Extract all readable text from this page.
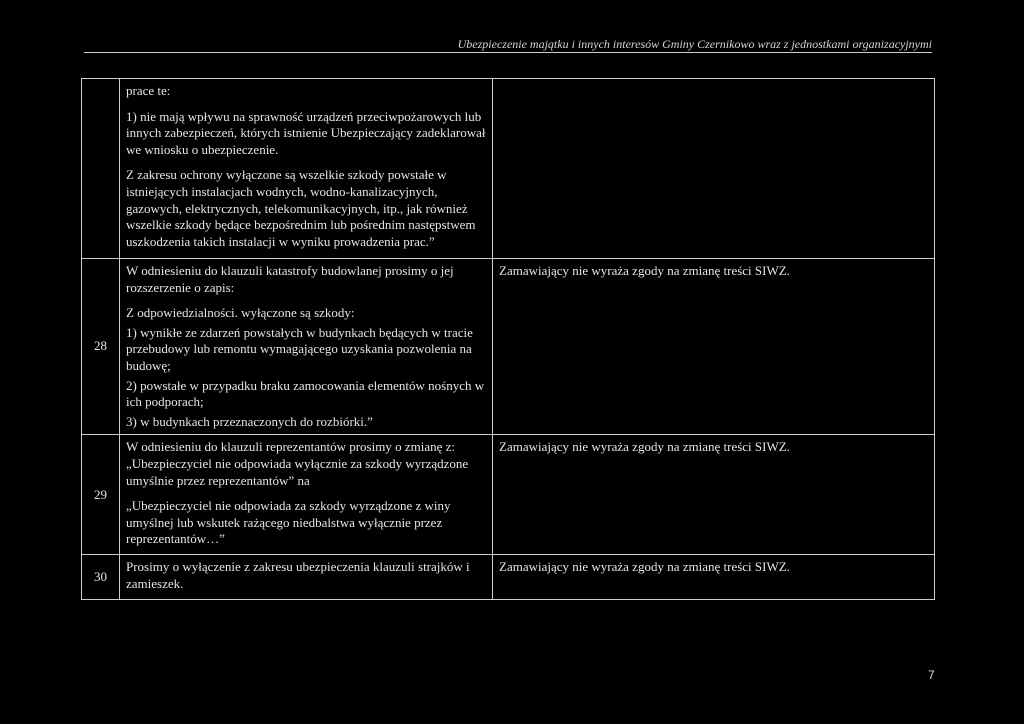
Ubezpieczenie majątku i innych interesów Gminy Czernikowo wraz z jednostkami organizacyjnymi

	prace te:

1) nie mają wpływu na sprawność urządzeń przeciwpożarowych lub innych zabezpieczeń, których istnienie Ubezpieczający zadeklarował we wniosku o ubezpieczenie.

Z zakresu ochrony wyłączone są wszelkie szkody powstałe w istniejących instalacjach wodnych, wodno-kanalizacyjnych, gazowych, elektrycznych, telekomunikacyjnych, itp., jak również wszelkie szkody będące bezpośrednim lub pośrednim następstwem uszkodzenia takich instalacji w wyniku prowadzenia prac.”	

28	W odniesieniu do klauzuli katastrofy budowlanej prosimy o jej rozszerzenie o zapis:

Z odpowiedzialności. wyłączone są szkody:

1) wynikłe ze zdarzeń powstałych w budynkach będących w tracie przebudowy lub remontu wymagającego uzyskania pozwolenia na budowę;

2) powstałe w przypadku braku zamocowania elementów nośnych w ich podporach;

3) w budynkach przeznaczonych do rozbiórki.”	Zamawiający nie wyraża zgody na zmianę treści SIWZ.
29	W odniesieniu do klauzuli reprezentantów prosimy o zmianę z: „Ubezpieczyciel nie odpowiada wyłącznie za szkody wyrządzone umyślnie przez reprezentantów” na

„Ubezpieczyciel nie odpowiada za szkody wyrządzone z winy umyślnej lub wskutek rażącego niedbalstwa wyłącznie przez reprezentantów…”	Zamawiający nie wyraża zgody na zmianę treści SIWZ.
30	Prosimy o wyłączenie z zakresu ubezpieczenia klauzuli strajków i zamieszek.	Zamawiający nie wyraża zgody na zmianę treści SIWZ.
7
